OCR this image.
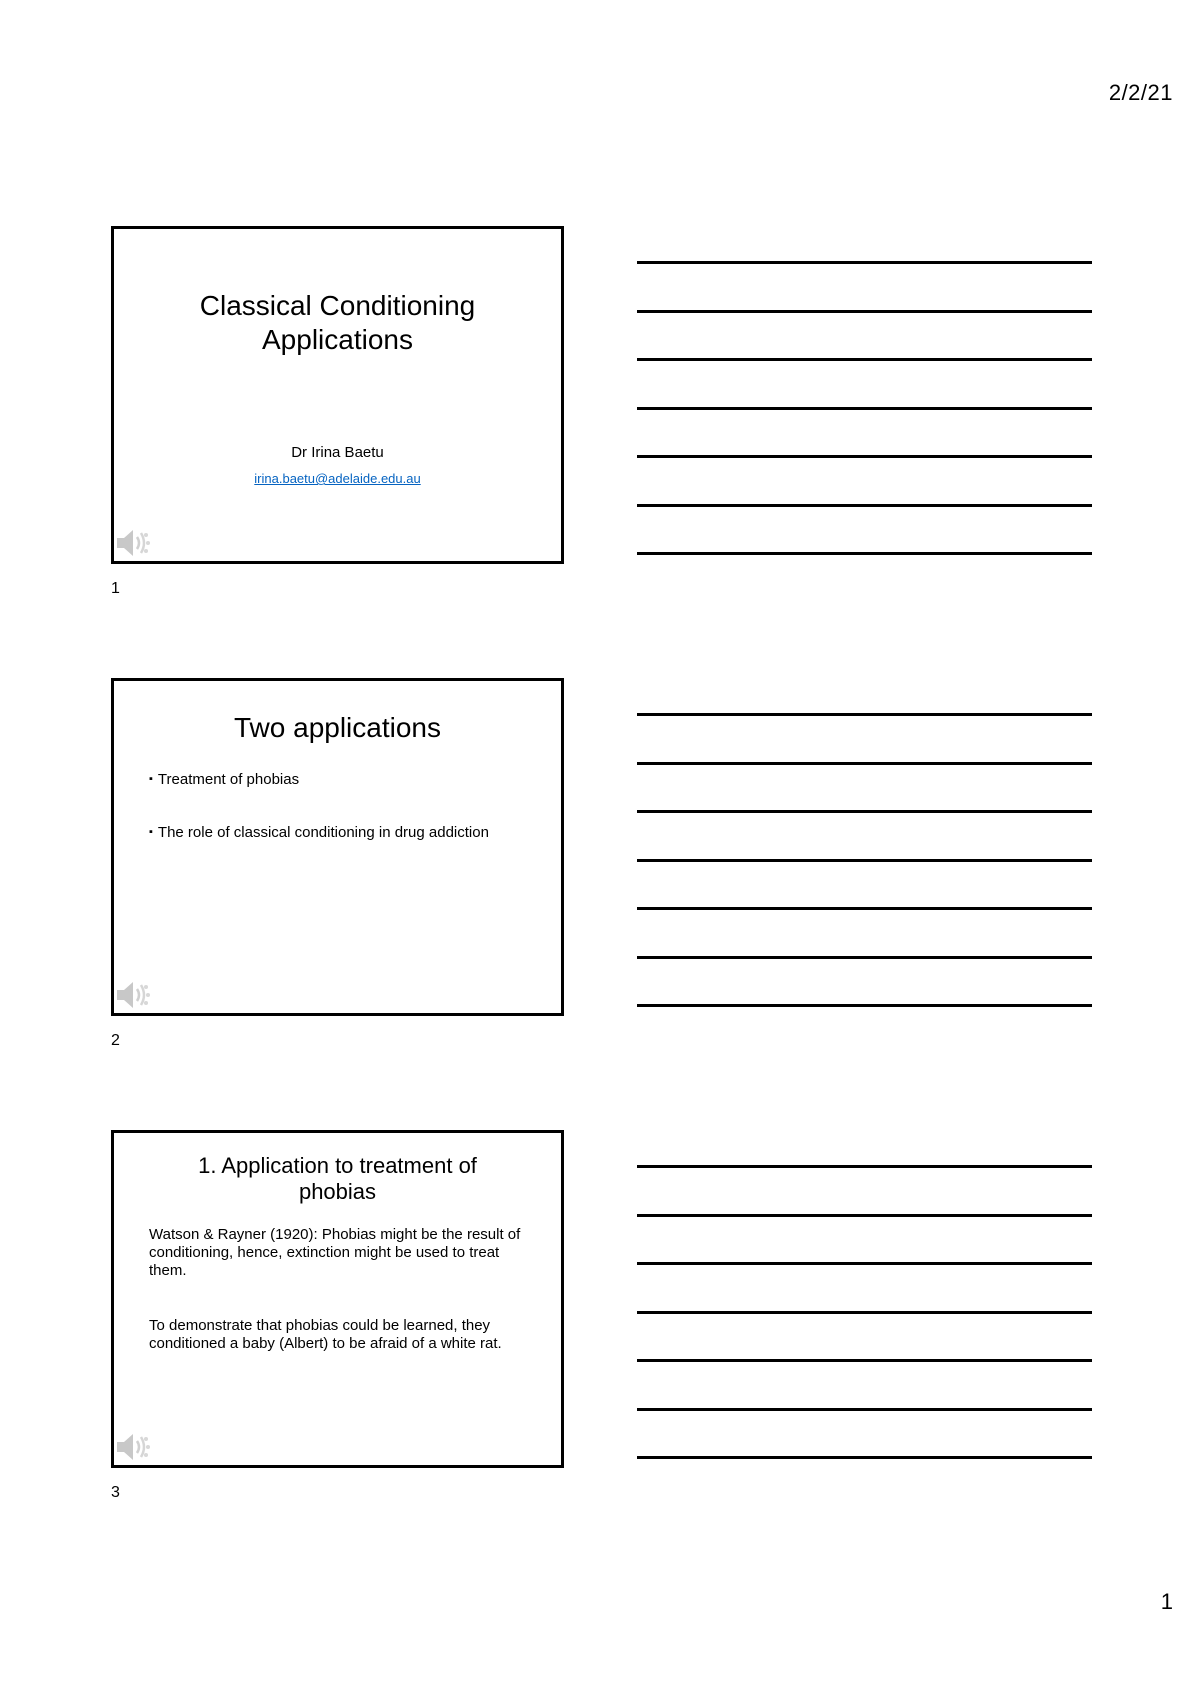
2/2/21
Classical Conditioning
Applications
Dr Irina Baetu
irina.baetu@adelaide.edu.au
1
Two applications
▪ Treatment of phobias
▪ The role of classical conditioning in drug addiction
2
1. Application to treatment of
phobias

Watson & Rayner (1920): Phobias might be the result of conditioning, hence, extinction might be used to treat them.

To demonstrate that phobias could be learned, they conditioned a baby (Albert) to be afraid of a white rat.

3
1
